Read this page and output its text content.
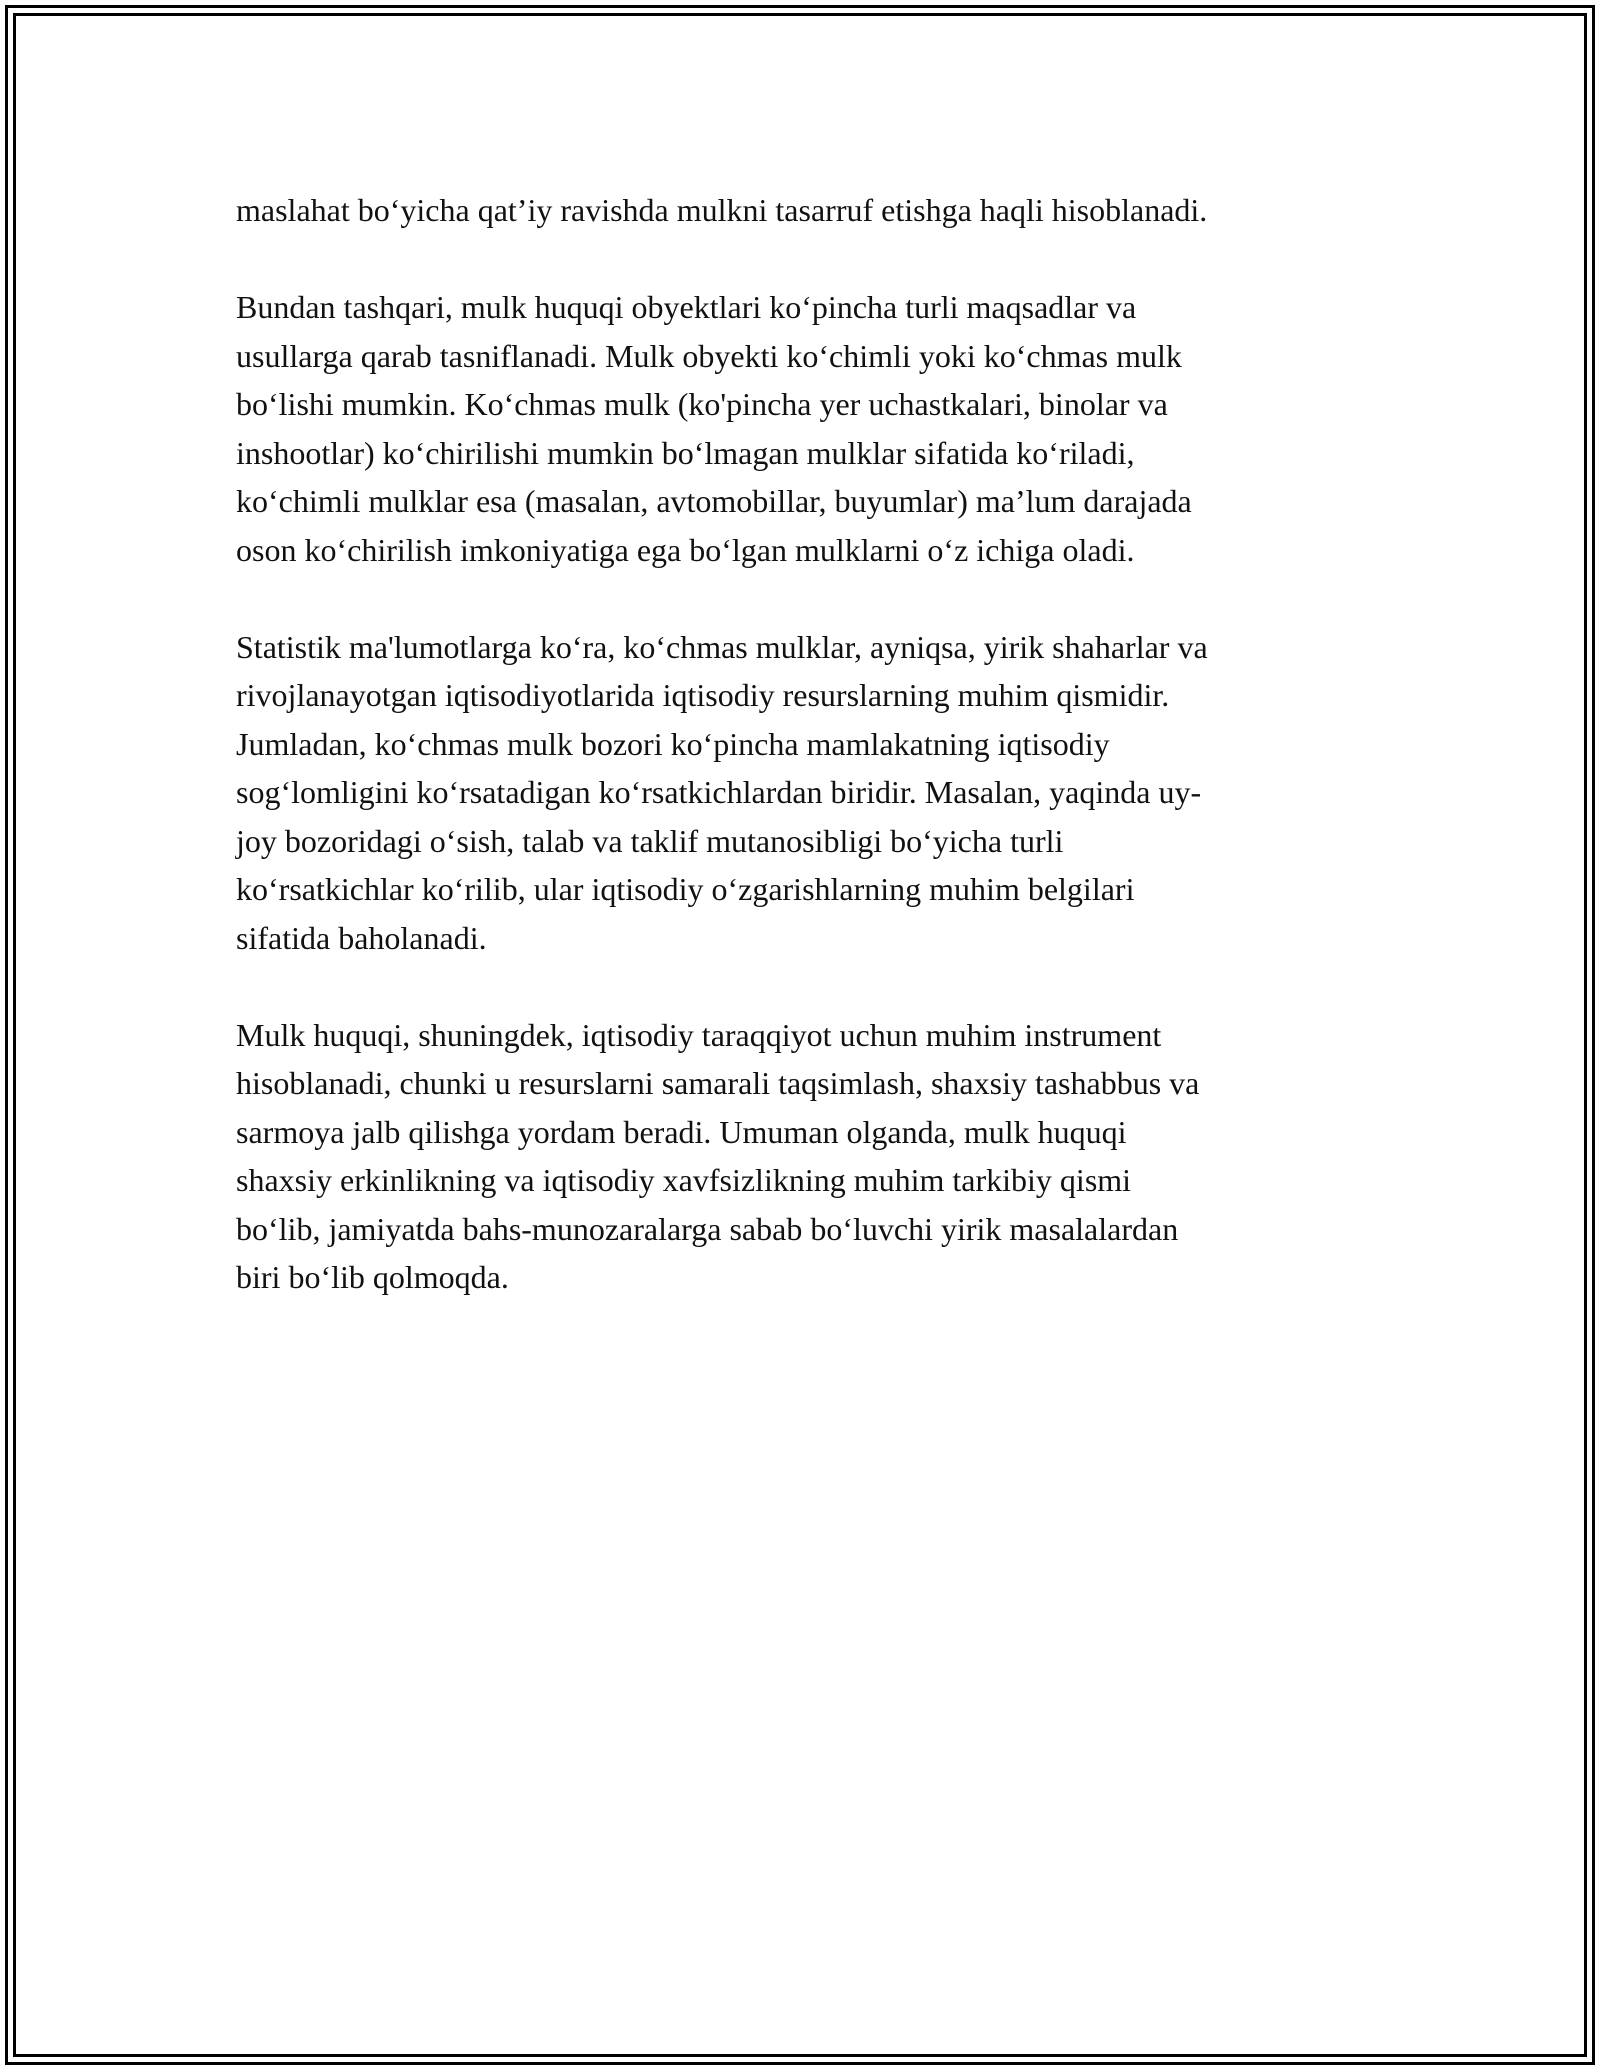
maslahat bo‘yicha qat’iy ravishda mulkni tasarruf etishga haqli hisoblanadi.

Bundan tashqari, mulk huquqi obyektlari ko‘pincha turli maqsadlar va
usullarga qarab tasniflanadi. Mulk obyekti ko‘chimli yoki ko‘chmas mulk
bo‘lishi mumkin. Ko‘chmas mulk (ko'pincha yer uchastkalari, binolar va
inshootlar) ko‘chirilishi mumkin bo‘lmagan mulklar sifatida ko‘riladi,
ko‘chimli mulklar esa (masalan, avtomobillar, buyumlar) ma’lum darajada
oson ko‘chirilish imkoniyatiga ega bo‘lgan mulklarni o‘z ichiga oladi.

Statistik ma'lumotlarga ko‘ra, ko‘chmas mulklar, ayniqsa, yirik shaharlar va
rivojlanayotgan iqtisodiyotlarida iqtisodiy resurslarning muhim qismidir.
Jumladan, ko‘chmas mulk bozori ko‘pincha mamlakatning iqtisodiy
sog‘lomligini ko‘rsatadigan ko‘rsatkichlardan biridir. Masalan, yaqinda uy-
joy bozoridagi o‘sish, talab va taklif mutanosibligi bo‘yicha turli
ko‘rsatkichlar ko‘rilib, ular iqtisodiy o‘zgarishlarning muhim belgilari
sifatida baholanadi.

Mulk huquqi, shuningdek, iqtisodiy taraqqiyot uchun muhim instrument
hisoblanadi, chunki u resurslarni samarali taqsimlash, shaxsiy tashabbus va
sarmoya jalb qilishga yordam beradi. Umuman olganda, mulk huquqi
shaxsiy erkinlikning va iqtisodiy xavfsizlikning muhim tarkibiy qismi
bo‘lib, jamiyatda bahs-munozaralarga sabab bo‘luvchi yirik masalalardan
biri bo‘lib qolmoqda.
